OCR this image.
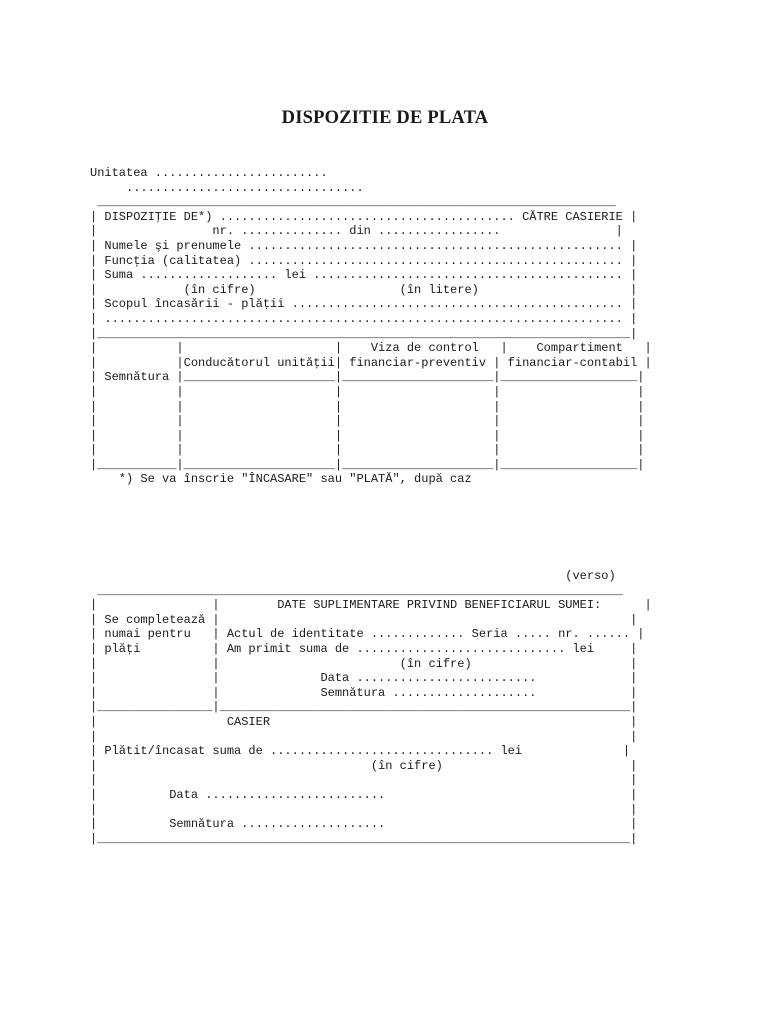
DISPOZITIE DE PLATA
Unitatea ........................
.................................
________________________________________________________________________
| DISPOZIŢIE DE*) ......................................... CĂTRE CASIERIE |
|                nr. .............. din .................                |
| Numele şi prenumele .................................................... |
| Funcţia (calitatea) .................................................... |
| Suma ................... lei ........................................... |
|            (în cifre)                    (în litere)                     |
| Scopul încasării - plăţii .............................................. |
| ........................................................................ |
|__________________________________________________________________________|
|           |                     |    Viza de control   |    Compartiment   |
|           |Conducătorul unităţii| financiar-preventiv | financiar-contabil |
| Semnătura |_____________________|_____________________|___________________|
|           |                     |                     |                   |
|           |                     |                     |                   |
|           |                     |                     |                   |
|           |                     |                     |                   |
|           |                     |                     |                   |
|___________|_____________________|_____________________|___________________|
*) Se va înscrie "ÎNCASARE" sau "PLATĂ", după caz
(verso)
_________________________________________________________________________
|                |        DATE SUPLIMENTARE PRIVIND BENEFICIARUL SUMEI:      |
| Se completează |                                                         |
| numai pentru   | Actul de identitate ............. Seria ..... nr. ...... |
| plăţi          | Am primit suma de ............................. lei     |
|                |                         (în cifre)                      |
|                |              Data .........................             |
|                |              Semnătura ....................             |
|________________|_________________________________________________________|
|                  CASIER                                                  |
|                                                                          |
| Plătit/încasat suma de ............................... lei              |
|                                      (în cifre)                          |
|                                                                          |
|          Data .........................                                  |
|                                                                          |
|          Semnătura ....................                                  |
|__________________________________________________________________________|
